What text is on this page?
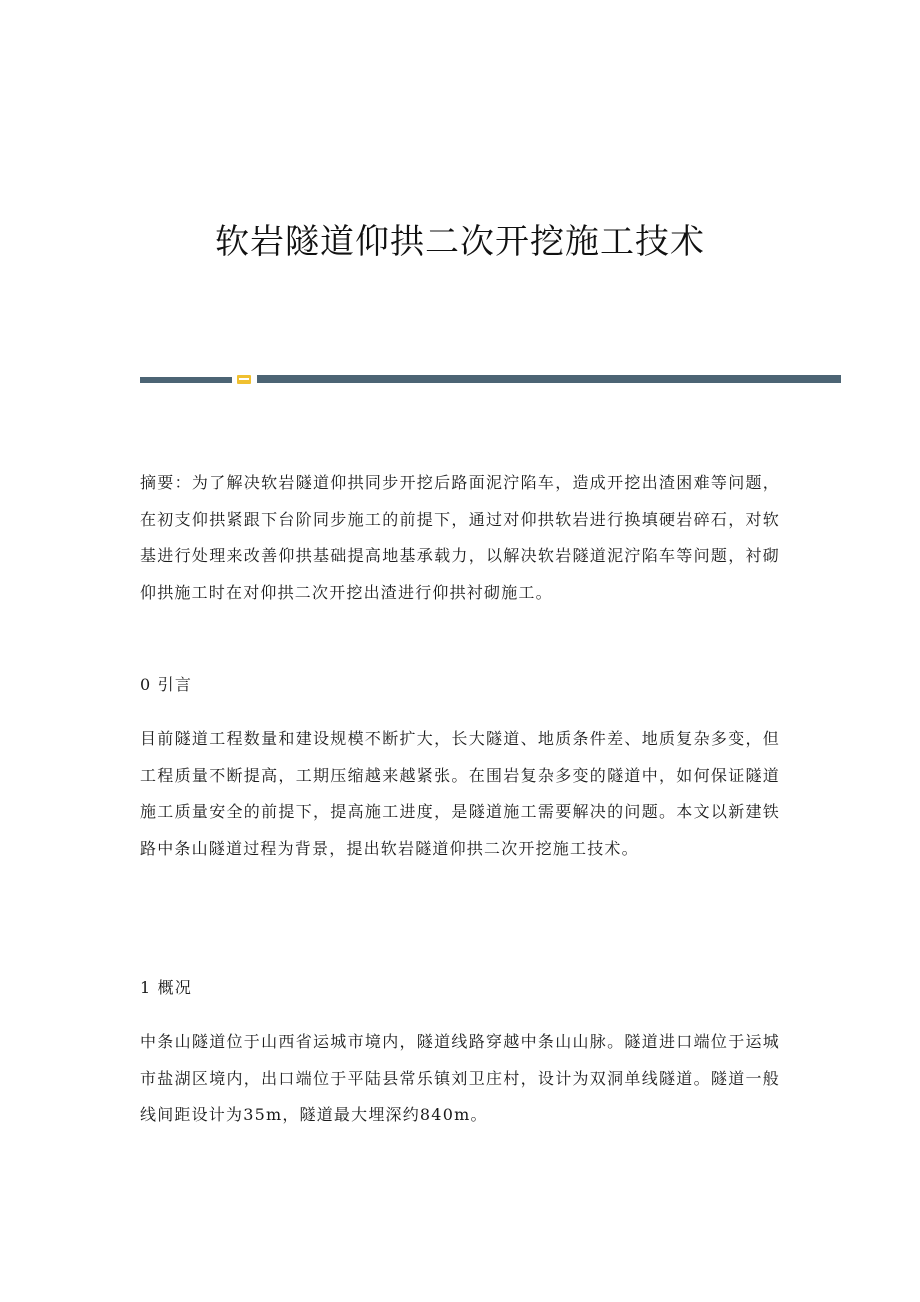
软岩隧道仰拱二次开挖施工技术

摘要：为了解决软岩隧道仰拱同步开挖后路面泥泞陷车，造成开挖出渣困难等问题，在初支仰拱紧跟下台阶同步施工的前提下，通过对仰拱软岩进行换填硬岩碎石，对软基进行处理来改善仰拱基础提高地基承载力，以解决软岩隧道泥泞陷车等问题，衬砌仰拱施工时在对仰拱二次开挖出渣进行仰拱衬砌施工。

0 引言

目前隧道工程数量和建设规模不断扩大，长大隧道、地质条件差、地质复杂多变，但工程质量不断提高，工期压缩越来越紧张。在围岩复杂多变的隧道中，如何保证隧道施工质量安全的前提下，提高施工进度，是隧道施工需要解决的问题。本文以新建铁路中条山隧道过程为背景，提出软岩隧道仰拱二次开挖施工技术。

1 概况

中条山隧道位于山西省运城市境内，隧道线路穿越中条山山脉。隧道进口端位于运城市盐湖区境内，出口端位于平陆县常乐镇刘卫庄村，设计为双洞单线隧道。隧道一般线间距设计为35m，隧道最大埋深约840m。
